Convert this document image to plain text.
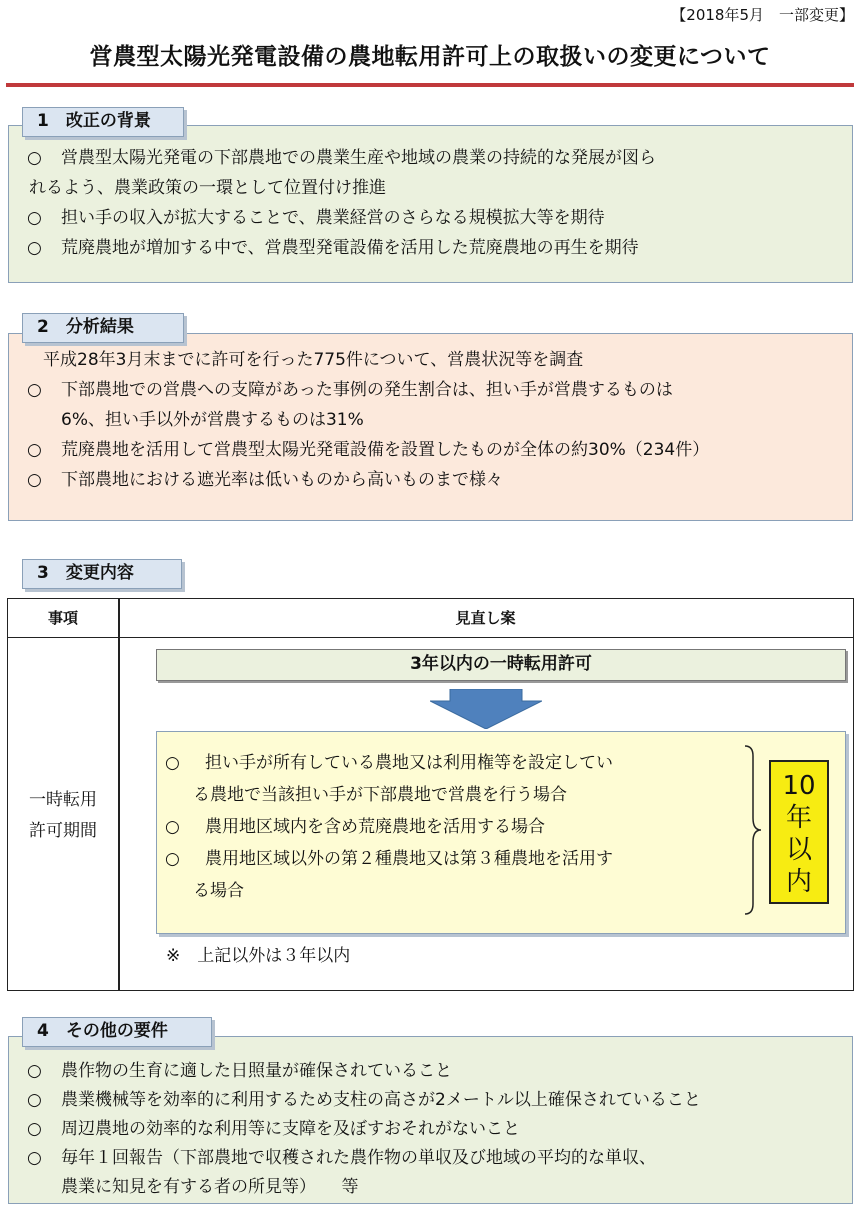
【2018年5月　一部変更】
営農型太陽光発電設備の農地転用許可上の取扱いの変更について
○	営農型太陽光発電の下部農地での農業生産や地域の農業の持続的な発展が図ら
れるよう、農業政策の一環として位置付け推進
○	担い手の収入が拡大することで、農業経営のさらなる規模拡大等を期待
○	荒廃農地が増加する中で、営農型発電設備を活用した荒廃農地の再生を期待
1　改正の背景
平成28年3月末までに許可を行った775件について、営農状況等を調査
○	下部農地での営農への支障があった事例の発生割合は、担い手が営農するものは
6%、担い手以外が営農するものは31%
○	荒廃農地を活用して営農型太陽光発電設備を設置したものが全体の約30%（234件）
○	下部農地における遮光率は低いものから高いものまで様々
2　分析結果
3　変更内容
事項	見直し案
一時転用
許可期間
3年以内の一時転用許可
○	担い手が所有している農地又は利用権等を設定してい
る農地で当該担い手が下部農地で営農を行う場合
○	農用地区域内を含め荒廃農地を活用する場合
○	農用地区域以外の第２種農地又は第３種農地を活用す
る場合
10
年
以
内
※　上記以外は３年以内
○	農作物の生育に適した日照量が確保されていること
○	農業機械等を効率的に利用するため支柱の高さが2メートル以上確保されていること
○	周辺農地の効率的な利用等に支障を及ぼすおそれがないこと
○	毎年１回報告（下部農地で収穫された農作物の単収及び地域の平均的な単収、
農業に知見を有する者の所見等）　　等
4　その他の要件
